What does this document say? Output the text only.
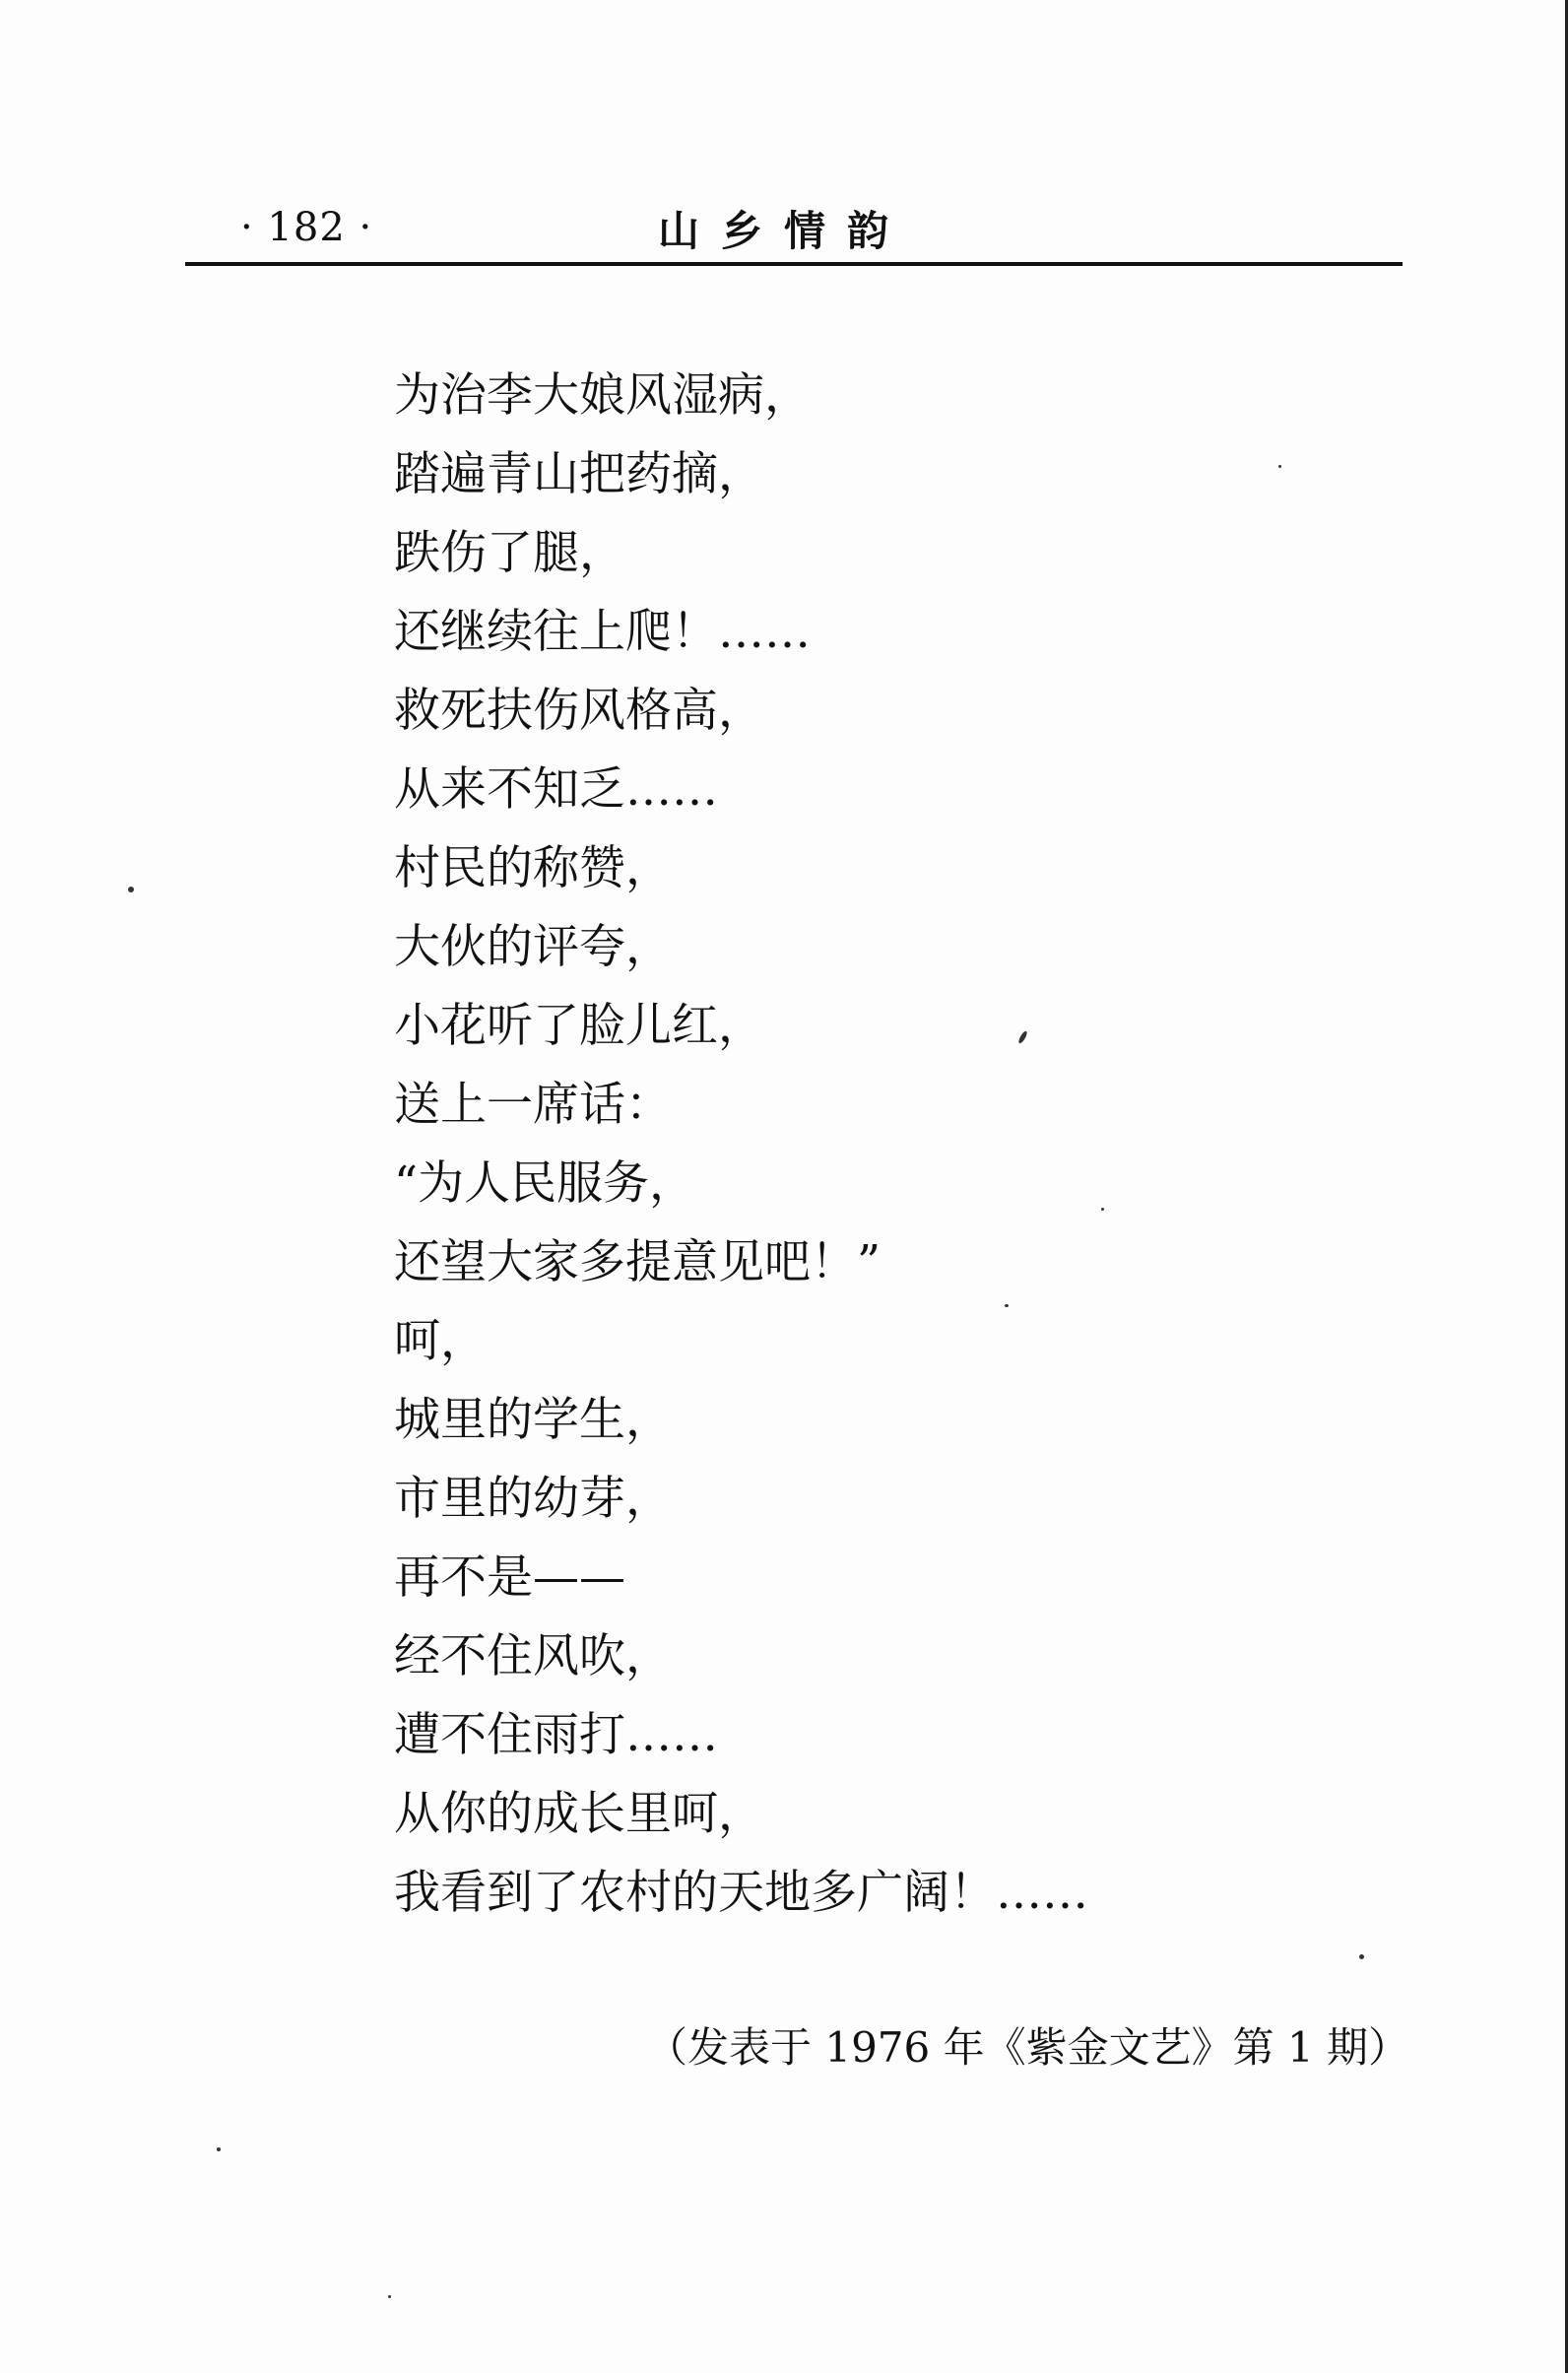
· 182 ·	山乡情韵
为治李大娘风湿病，
踏遍青山把药摘，
跌伤了腿，
还继续往上爬！……
救死扶伤风格高，
从来不知乏……
村民的称赞，
大伙的评夸，
小花听了脸儿红，
送上一席话：
“为人民服务，
还望大家多提意见吧！”
呵，
城里的学生，
市里的幼芽，
再不是——
经不住风吹，
遭不住雨打……
从你的成长里呵，
我看到了农村的天地多广阔！……
（发表于 1976 年《紫金文艺》第 1 期）
